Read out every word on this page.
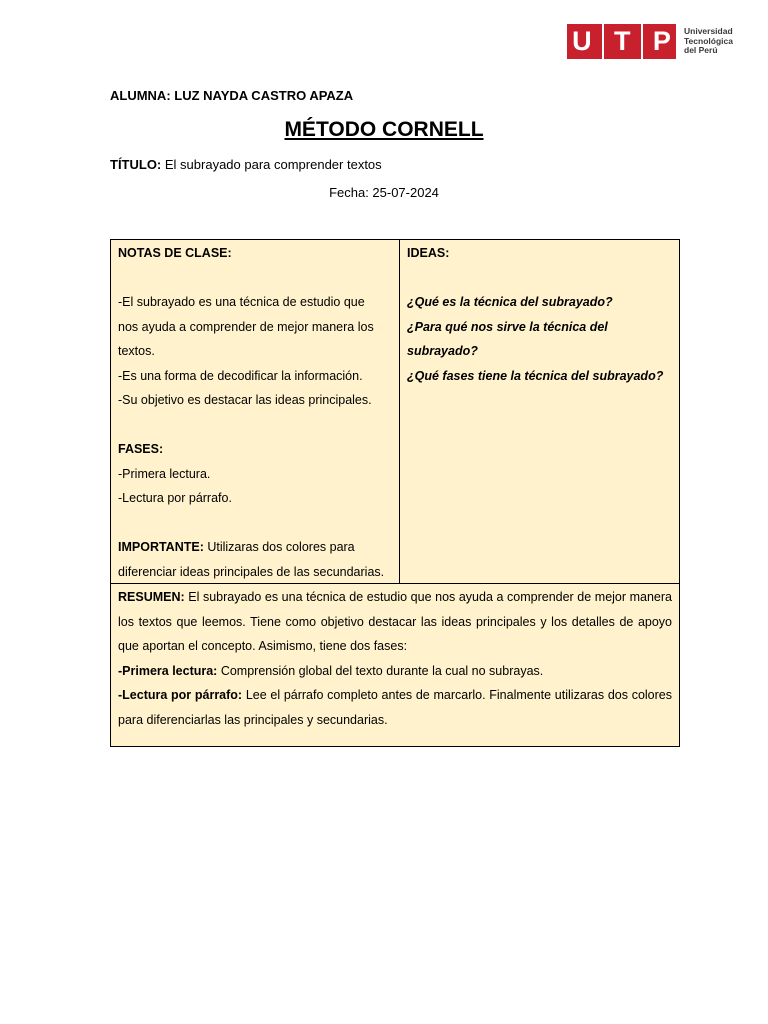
U T P Universidad
Tecnológica
del Perú
ALUMNA: LUZ NAYDA CASTRO APAZA
MÉTODO CORNELL
TÍTULO: El subrayado para comprender textos
Fecha: 25-07-2024
NOTAS DE CLASE:

-El subrayado es una técnica de estudio que
nos ayuda a comprender de mejor manera los
textos.
-Es una forma de decodificar la información.
-Su objetivo es destacar las ideas principales.

FASES:
-Primera lectura.
-Lectura por párrafo.

IMPORTANTE: Utilizaras dos colores para
diferenciar ideas principales de las secundarias.
IDEAS:

¿Qué es la técnica del subrayado?
¿Para qué nos sirve la técnica del
subrayado?
¿Qué fases tiene la técnica del subrayado?
RESUMEN: El subrayado es una técnica de estudio que nos ayuda a comprender de mejor manera los textos que leemos. Tiene como objetivo destacar las ideas principales y los detalles de apoyo que aportan el concepto. Asimismo, tiene dos fases:
-Primera lectura: Comprensión global del texto durante la cual no subrayas.
-Lectura por párrafo: Lee el párrafo completo antes de marcarlo. Finalmente utilizaras dos colores para diferenciarlas las principales y secundarias.
